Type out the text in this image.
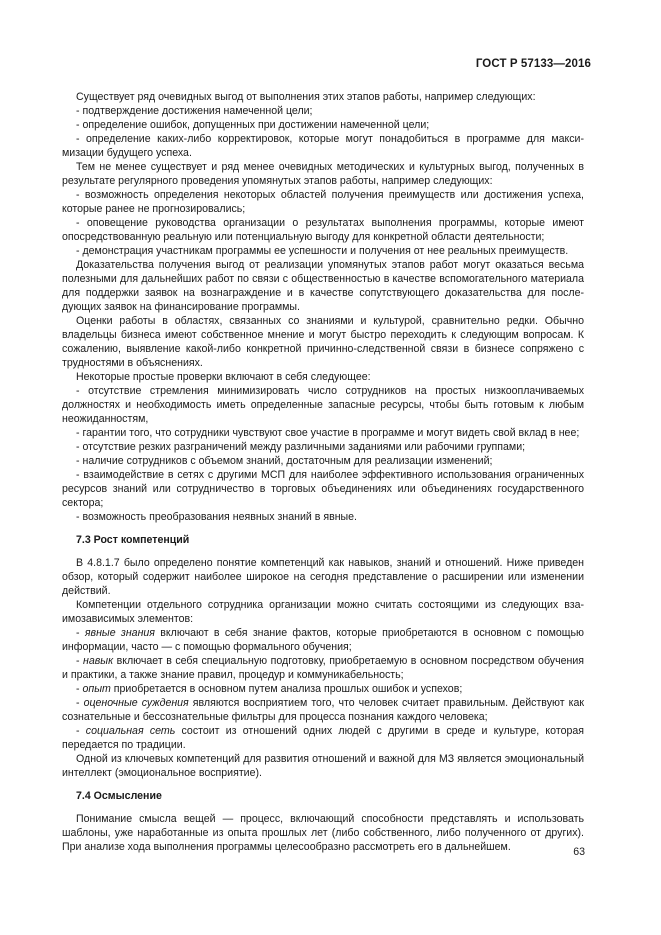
ГОСТ Р 57133—2016

Существует ряд очевидных выгод от выполнения этих этапов работы, например следующих:

- подтверждение достижения намеченной цели;

- определение ошибок, допущенных при достижении намеченной цели;

- определение каких-либо корректировок, которые могут понадобиться в программе для максимизации будущего успеха.

Тем не менее существует и ряд менее очевидных методических и культурных выгод, полученных в результате регулярного проведения упомянутых этапов работы, например следующих:

- возможность определения некоторых областей получения преимуществ или достижения успеха, которые ранее не прогнозировались;

- оповещение руководства организации о результатах выполнения программы, которые имеют опосредствованную реальную или потенциальную выгоду для конкретной области деятельности;

- демонстрация участникам программы ее успешности и получения от нее реальных преимуществ.

Доказательства получения выгод от реализации упомянутых этапов работ могут оказаться весьма полезными для дальнейших работ по связи с общественностью в качестве вспомогательного материала для поддержки заявок на вознаграждение и в качестве сопутствующего доказательства для последующих заявок на финансирование программы.

Оценки работы в областях, связанных со знаниями и культурой, сравнительно редки. Обычно владельцы бизнеса имеют собственное мнение и могут быстро переходить к следующим вопросам. К сожалению, выявление какой-либо конкретной причинно-следственной связи в бизнесе сопряжено с трудностями в объяснениях.

Некоторые простые проверки включают в себя следующее:

- отсутствие стремления минимизировать число сотрудников на простых низкооплачиваемых должностях и необходимость иметь определенные запасные ресурсы, чтобы быть готовым к любым неожиданностям,

- гарантии того, что сотрудники чувствуют свое участие в программе и могут видеть свой вклад в нее;

- отсутствие резких разграничений между различными заданиями или рабочими группами;

- наличие сотрудников с объемом знаний, достаточным для реализации изменений;

- взаимодействие в сетях с другими МСП для наиболее эффективного использования ограниченных ресурсов знаний или сотрудничество в торговых объединениях или объединениях государственного сектора;

- возможность преобразования неявных знаний в явные.

7.3 Рост компетенций

В 4.8.1.7 было определено понятие компетенций как навыков, знаний и отношений. Ниже приведен обзор, который содержит наиболее широкое на сегодня представление о расширении или изменении действий.

Компетенции отдельного сотрудника организации можно считать состоящими из следующих взаимозависимых элементов:

- явные знания включают в себя знание фактов, которые приобретаются в основном с помощью информации, часто — с помощью формального обучения;

- навык включает в себя специальную подготовку, приобретаемую в основном посредством обучения и практики, а также знание правил, процедур и коммуникабельность;

- опыт приобретается в основном путем анализа прошлых ошибок и успехов;

- оценочные суждения являются восприятием того, что человек считает правильным. Действуют как сознательные и бессознательные фильтры для процесса познания каждого человека;

- социальная сеть состоит из отношений одних людей с другими в среде и культуре, которая передается по традиции.

Одной из ключевых компетенций для развития отношений и важной для МЗ является эмоциональный интеллект (эмоциональное восприятие).

7.4 Осмысление

Понимание смысла вещей — процесс, включающий способности представлять и использовать шаблоны, уже наработанные из опыта прошлых лет (либо собственного, либо полученного от других). При анализе хода выполнения программы целесообразно рассмотреть его в дальнейшем.	63
